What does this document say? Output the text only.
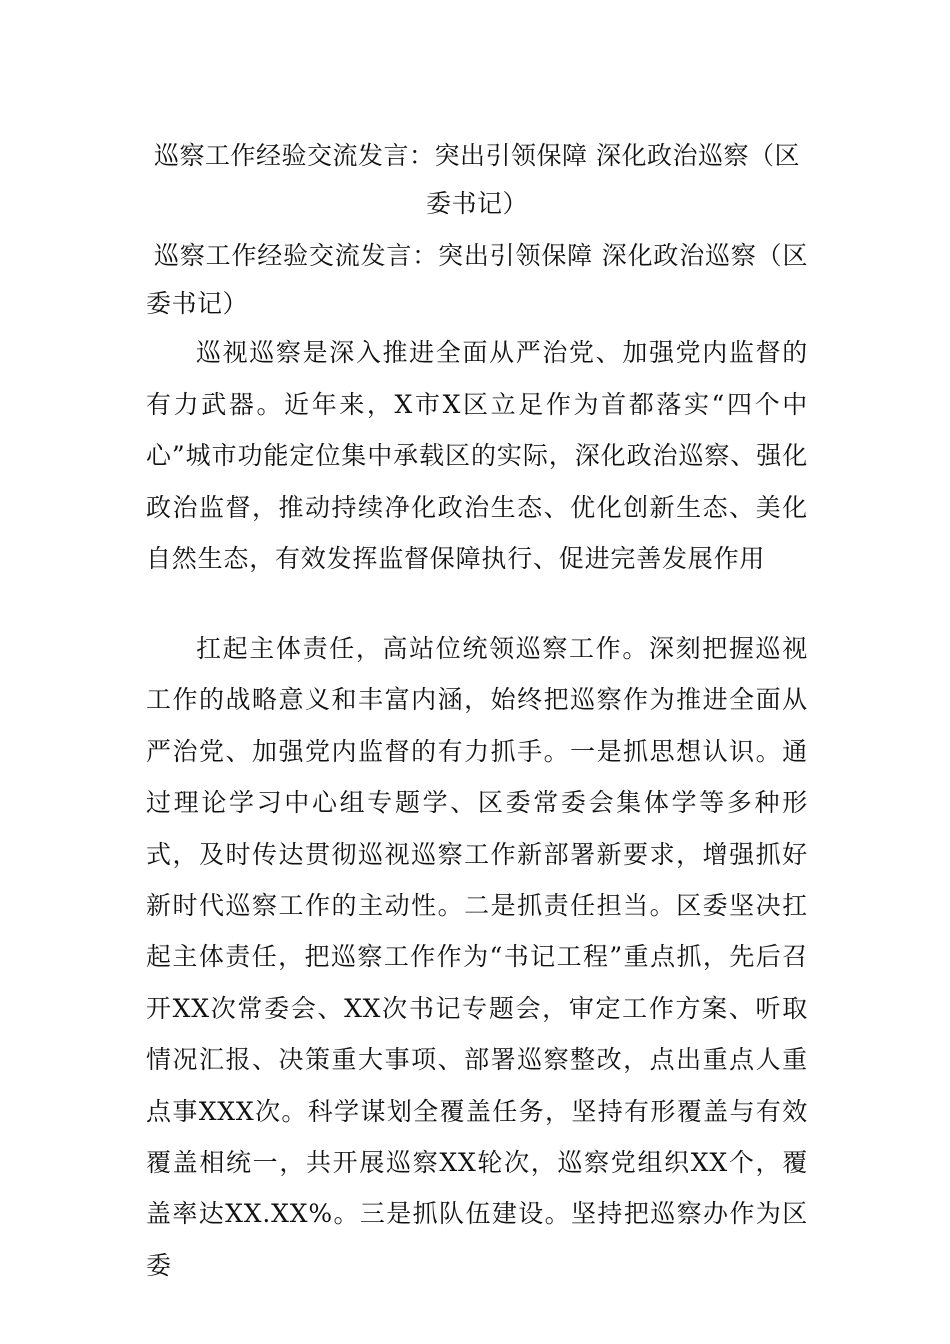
巡察工作经验交流发言：突出引领保障 深化政治巡察（区委书记）

巡察工作经验交流发言：突出引领保障 深化政治巡察（区委书记）

巡视巡察是深入推进全面从严治党、加强党内监督的有力武器。近年来，X市X区立足作为首都落实“四个中心”城市功能定位集中承载区的实际，深化政治巡察、强化政治监督，推动持续净化政治生态、优化创新生态、美化自然生态，有效发挥监督保障执行、促进完善发展作用

扛起主体责任，高站位统领巡察工作。深刻把握巡视工作的战略意义和丰富内涵，始终把巡察作为推进全面从严治党、加强党内监督的有力抓手。一是抓思想认识。通过理论学习中心组专题学、区委常委会集体学等多种形式，及时传达贯彻巡视巡察工作新部署新要求，增强抓好新时代巡察工作的主动性。二是抓责任担当。区委坚决扛起主体责任，把巡察工作作为“书记工程”重点抓，先后召开XX次常委会、XX次书记专题会，审定工作方案、听取情况汇报、决策重大事项、部署巡察整改，点出重点人重点事XXX次。科学谋划全覆盖任务，坚持有形覆盖与有效覆盖相统一，共开展巡察XX轮次，巡察党组织XX个，覆盖率达XX.XX%。三是抓队伍建设。坚持把巡察办作为区委
